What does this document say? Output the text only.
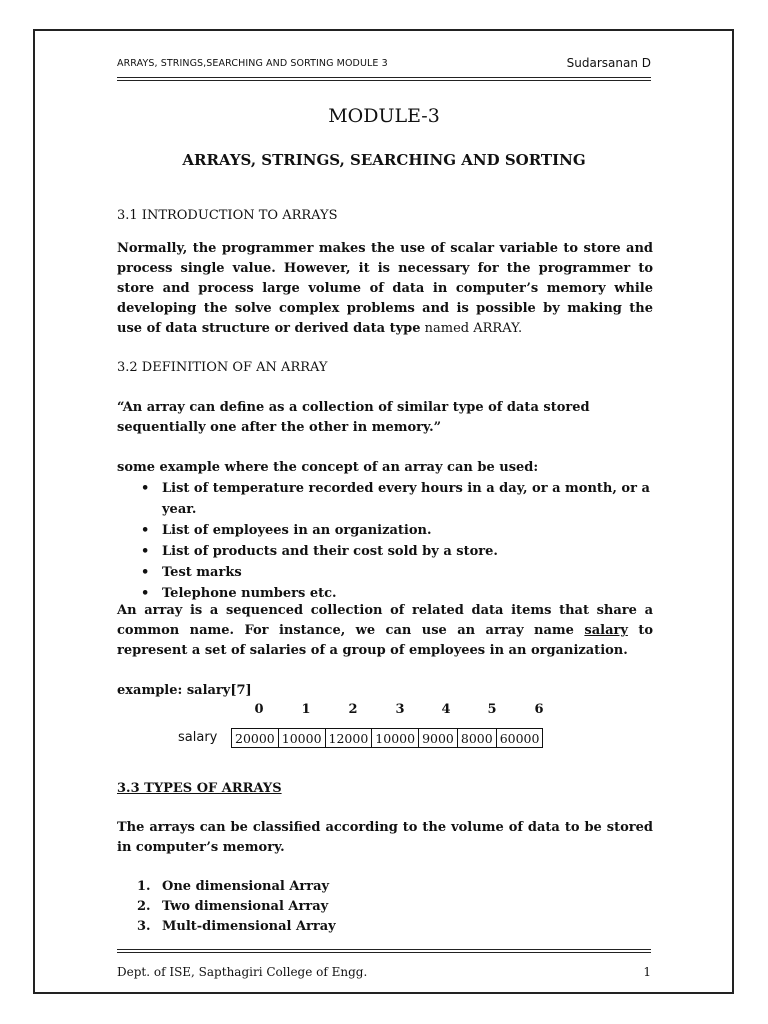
ARRAYS, STRINGS,SEARCHING AND SORTING MODULE 3	Sudarsanan D
MODULE-3
ARRAYS, STRINGS, SEARCHING AND SORTING
3.1 INTRODUCTION TO ARRAYS
Normally, the programmer makes the use of scalar variable to store and process single value. However, it is necessary for the programmer to store and process large volume of data in computer’s memory while developing the solve complex problems and is possible by making the use of data structure or derived data type named ARRAY.
3.2 DEFINITION OF AN ARRAY
“An array can define as a collection of similar type of data stored sequentially one after the other in memory.”
some example where the concept of an array can be used:
• List of temperature recorded every hours in a day, or a month, or a year.
• List of employees in an organization.
• List of products and their cost sold by a store.
• Test marks
• Telephone numbers etc.
An array is a sequenced collection of related data items that share a common name. For instance, we can use an array name salary to represent a set of salaries of a group of employees in an organization.
example: salary[7]
0	1	2	3	4	5	6
salary 20000	10000	12000	10000	9000	8000	60000
3.3 TYPES OF ARRAYS
The arrays can be classified according to the volume of data to be stored in computer’s memory.
1. One dimensional Array
2. Two dimensional Array
3. Mult-dimensional Array
Dept. of ISE, Sapthagiri College of Engg.	1
